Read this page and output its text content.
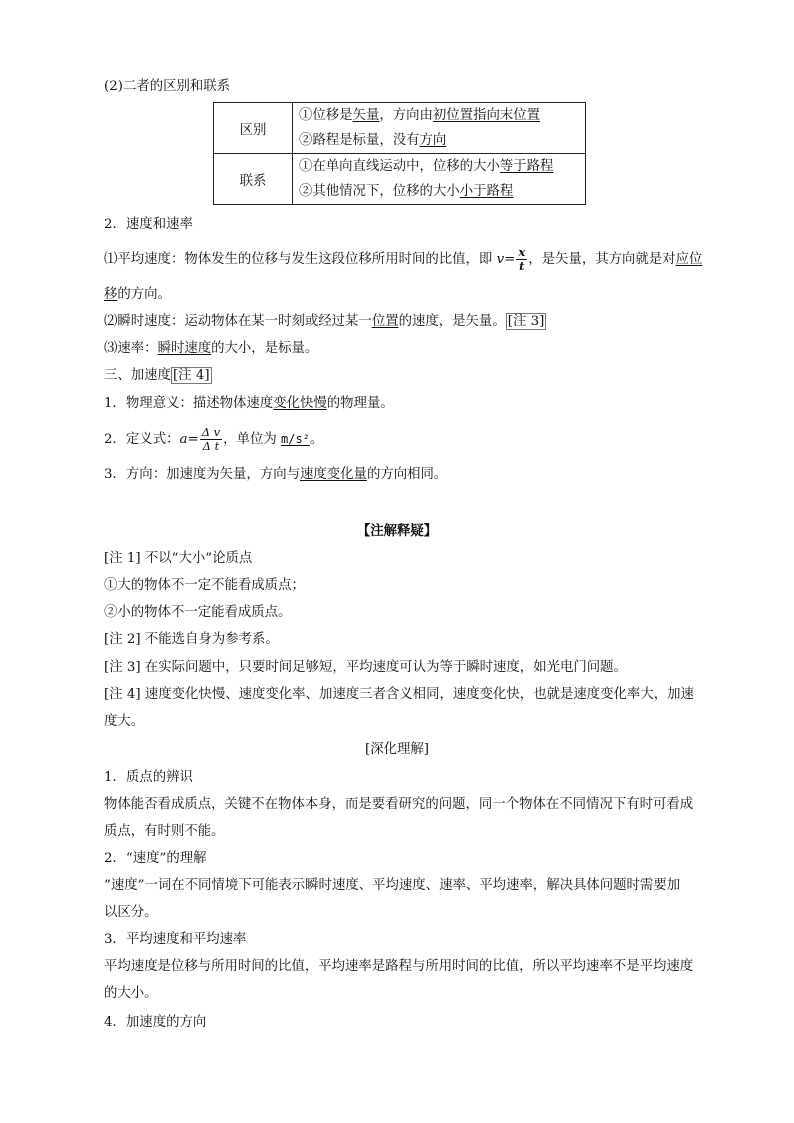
(2)二者的区别和联系
区别	①位移是矢量，方向由初位置指向末位置
②路程是标量，没有方向

联系	①在单向直线运动中，位移的大小等于路程
②其他情况下，位移的大小小于路程
2．速度和速率
⑴平均速度：物体发生的位移与发生这段位移所用时间的比值，即 $v= \frac{x}{t}$ ，是矢量，其方向就是对应位
移的方向。
⑵瞬时速度：运动物体在某一时刻或经过某一位置的速度，是矢量。 [注 3]
⑶速率：瞬时速度的大小，是标量。
三、加速度 [注 4]
1．物理意义：描述物体速度变化快慢的物理量。
2．定义式：$a= \frac{\text{Δ v}}{\text{Δ t}}$ ，单位为 m/s²。
3．方向：加速度为矢量，方向与速度变化量的方向相同。
【注解释疑】
[注 1] 不以“大小”论质点
①大的物体不一定不能看成质点；
②小的物体不一定能看成质点。
[注 2] 不能选自身为参考系。
[注 3] 在实际问题中，只要时间足够短，平均速度可认为等于瞬时速度，如光电门问题。
[注 4] 速度变化快慢、速度变化率、加速度三者含义相同，速度变化快，也就是速度变化率大，加速
度大。
[深化理解]
1．质点的辨识
物体能否看成质点，关键不在物体本身，而是要看研究的问题，同一个物体在不同情况下有时可看成
质点，有时则不能。
2．“速度”的理解
“速度”一词在不同情境下可能表示瞬时速度、平均速度、速率、平均速率，解决具体问题时需要加
以区分。
3．平均速度和平均速率
平均速度是位移与所用时间的比值，平均速率是路程与所用时间的比值，所以平均速率不是平均速度
的大小。
4．加速度的方向
